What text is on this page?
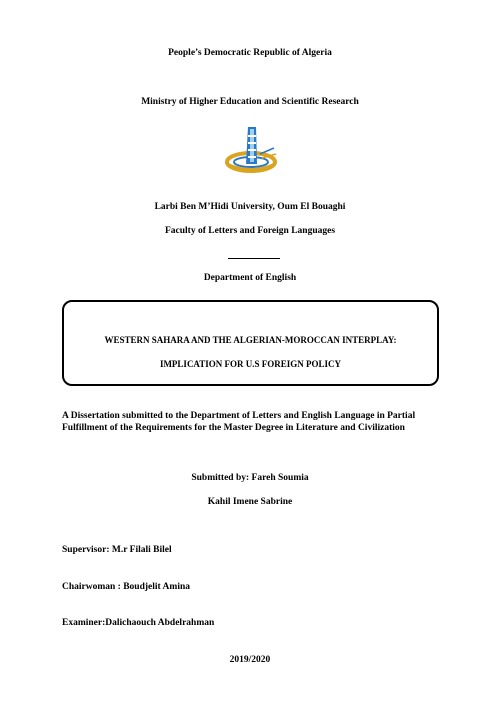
People’s Democratic Republic of Algeria
Ministry of Higher Education and Scientific Research
Larbi Ben M’Hidi University, Oum El Bouaghi
Faculty of Letters and Foreign Languages
Department of English
WESTERN SAHARA AND THE ALGERIAN-MOROCCAN INTERPLAY:
IMPLICATION FOR U.S FOREIGN POLICY
A Dissertation submitted to the Department of Letters and English Language in Partial Fulfillment of the Requirements for the Master Degree in Literature and Civilization
Submitted by: Fareh Soumia
Kahil Imene Sabrine
Supervisor: M.r Filali Bilel
Chairwoman : Boudjelit Amina
Examiner:Dalichaouch Abdelrahman
2019/2020
